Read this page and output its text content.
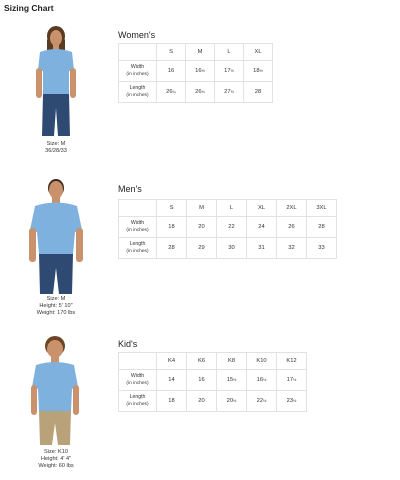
Sizing Chart
Size: M
36/28/33
Women's
	S	M	L	XL
Width
(in inches)	16	$16^{\frac{1}{2}}$	$17^{\frac{1}{2}}$	$18^{\frac{1}{2}}$
Length
(in inches)	$26^{\frac{1}{4}}$	$26^{\frac{3}{4}}$	$27^{\frac{5}{8}}$	28
Size: M
Height: 5' 10"
Weight: 170 lbs
Men's
	S	M	L	XL	2XL	3XL
Width
(in inches)	18	20	22	24	26	28
Length
(in inches)	28	29	30	31	32	33
Size: K10
Height: 4' 4"
Weight: 60 lbs
Kid's
	K4	K6	K8	K10	K12
Width
(in inches)	14	16	$15^{\frac{1}{2}}$	$16^{\frac{1}{2}}$	$17^{\frac{1}{2}}$
Length
(in inches)	18	20	$20^{\frac{1}{2}}$	$22^{\frac{1}{2}}$	$23^{\frac{1}{2}}$
